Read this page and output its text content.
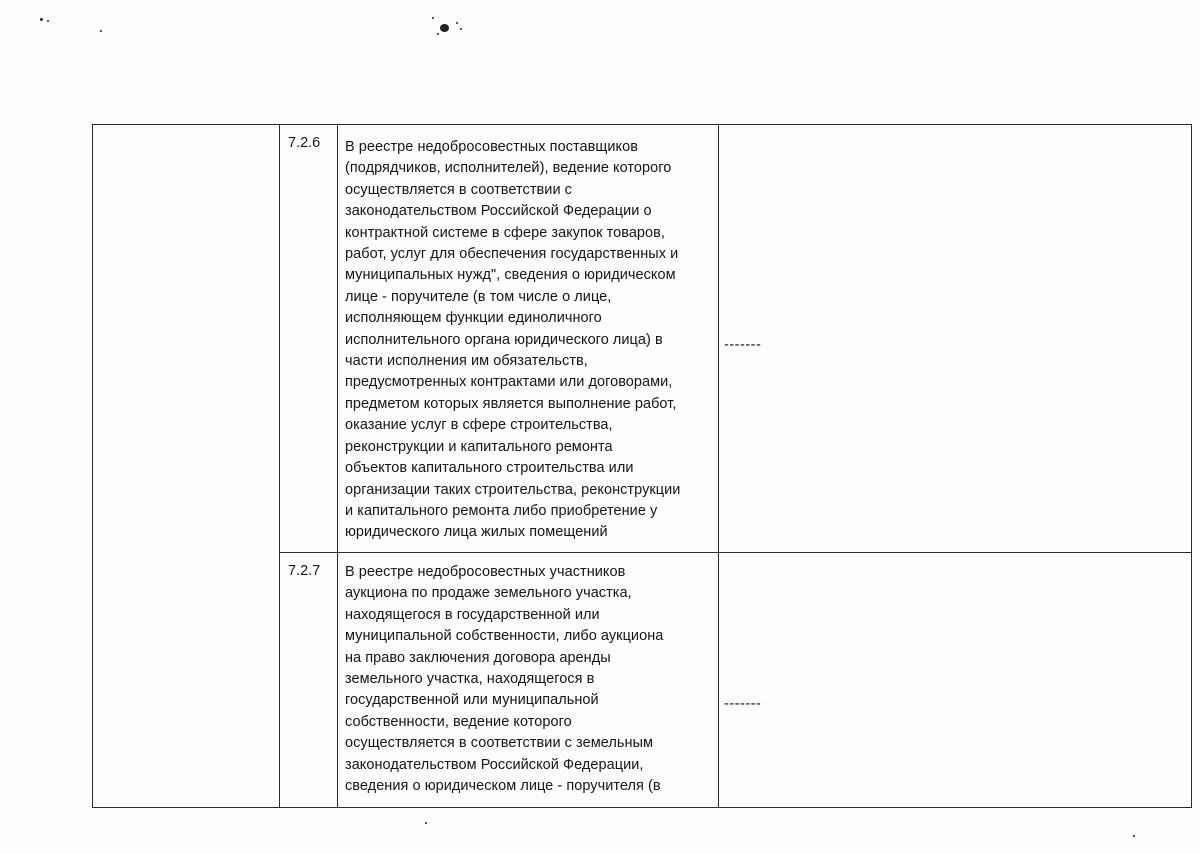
7.2.6 В реестре недобросовестных поставщиков
(подрядчиков, исполнителей), ведение которого
осуществляется в соответствии с
законодательством Российской Федерации о
контрактной системе в сфере закупок товаров,
работ, услуг для обеспечения государственных и
муниципальных нужд", сведения о юридическом
лице - поручителе (в том числе о лице,
исполняющем функции единоличного
исполнительного органа юридического лица) в
части исполнения им обязательств,
предусмотренных контрактами или договорами,
предметом которых является выполнение работ,
оказание услуг в сфере строительства,
реконструкции и капитального ремонта
объектов капитального строительства или
организации таких строительства, реконструкции
и капитального ремонта либо приобретение у
юридического лица жилых помещений
-------
7.2.7 В реестре недобросовестных участников
аукциона по продаже земельного участка,
находящегося в государственной или
муниципальной собственности, либо аукциона
на право заключения договора аренды
земельного участка, находящегося в
государственной или муниципальной
собственности, ведение которого
осуществляется в соответствии с земельным
законодательством Российской Федерации,
сведения о юридическом лице - поручителя (в
-------
